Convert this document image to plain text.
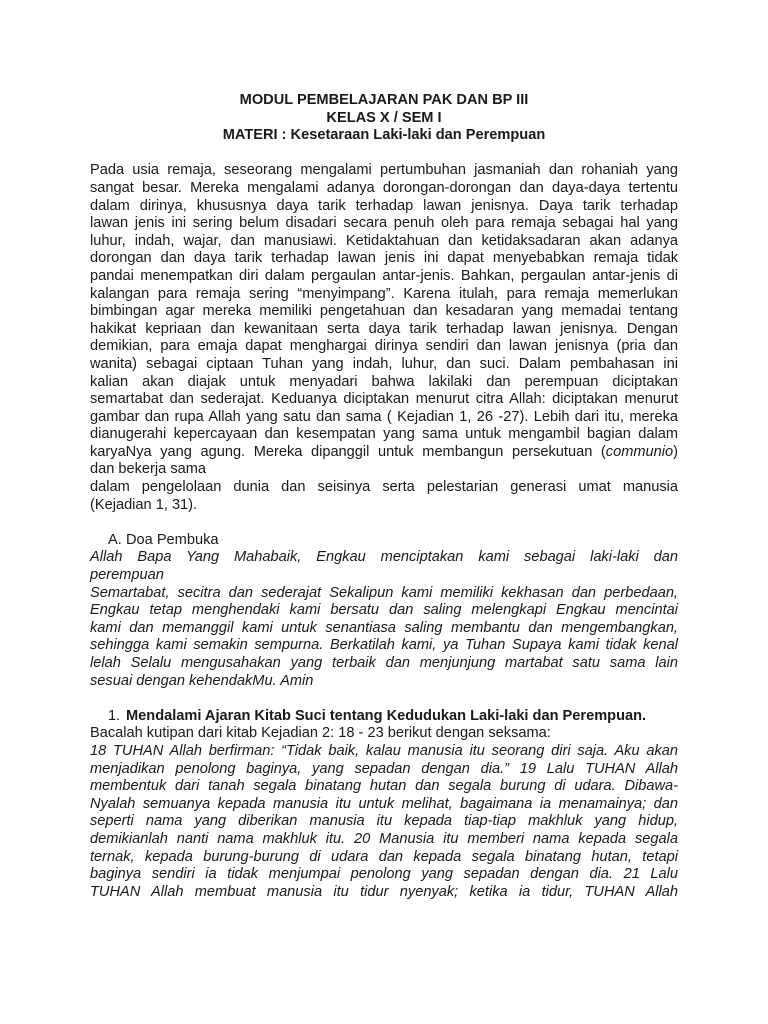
MODUL PEMBELAJARAN PAK DAN BP III
KELAS X / SEM I
MATERI : Kesetaraan Laki-laki dan Perempuan
Pada usia remaja, seseorang mengalami pertumbuhan jasmaniah dan rohaniah yang
sangat besar. Mereka mengalami adanya dorongan-dorongan dan daya-daya tertentu
dalam dirinya, khususnya daya tarik terhadap lawan jenisnya. Daya tarik terhadap
lawan jenis ini sering belum disadari secara penuh oleh para remaja sebagai hal yang
luhur, indah, wajar, dan manusiawi. Ketidaktahuan dan ketidaksadaran akan adanya
dorongan dan daya tarik terhadap lawan jenis ini dapat menyebabkan remaja tidak
pandai menempatkan diri dalam pergaulan antar-jenis. Bahkan, pergaulan antar-jenis di
kalangan para remaja sering “menyimpang”. Karena itulah, para remaja memerlukan
bimbingan agar mereka memiliki pengetahuan dan kesadaran yang memadai tentang
hakikat kepriaan dan kewanitaan serta daya tarik terhadap lawan jenisnya. Dengan
demikian, para emaja dapat menghargai dirinya sendiri dan lawan jenisnya (pria dan
wanita) sebagai ciptaan Tuhan yang indah, luhur, dan suci. Dalam pembahasan ini
kalian akan diajak untuk menyadari bahwa lakilaki dan perempuan diciptakan
semartabat dan sederajat. Keduanya diciptakan menurut citra Allah: diciptakan menurut
gambar dan rupa Allah yang satu dan sama ( Kejadian 1, 26 -27). Lebih dari itu, mereka
dianugerahi kepercayaan dan kesempatan yang sama untuk mengambil bagian dalam
karyaNya yang agung. Mereka dipanggil untuk membangun persekutuan (communio)
dan bekerja sama
dalam pengelolaan dunia dan seisinya serta pelestarian generasi umat manusia
(Kejadian 1, 31).
A. Doa Pembuka
Allah Bapa Yang Mahabaik, Engkau menciptakan kami sebagai laki-laki dan
perempuan
Semartabat, secitra dan sederajat Sekalipun kami memiliki kekhasan dan perbedaan,
Engkau tetap menghendaki kami bersatu dan saling melengkapi Engkau mencintai
kami dan memanggil kami untuk senantiasa saling membantu dan mengembangkan,
sehingga kami semakin sempurna. Berkatilah kami, ya Tuhan Supaya kami tidak kenal
lelah Selalu mengusahakan yang terbaik dan menjunjung martabat satu sama lain
sesuai dengan kehendakMu. Amin
1. Mendalami Ajaran Kitab Suci tentang Kedudukan Laki-laki dan Perempuan.
Bacalah kutipan dari kitab Kejadian 2: 18 - 23 berikut dengan seksama:
18 TUHAN Allah berfirman: “Tidak baik, kalau manusia itu seorang diri saja. Aku akan
menjadikan penolong baginya, yang sepadan dengan dia.” 19 Lalu TUHAN Allah
membentuk dari tanah segala binatang hutan dan segala burung di udara. Dibawa-
Nyalah semuanya kepada manusia itu untuk melihat, bagaimana ia menamainya; dan
seperti nama yang diberikan manusia itu kepada tiap-tiap makhluk yang hidup,
demikianlah nanti nama makhluk itu. 20 Manusia itu memberi nama kepada segala
ternak, kepada burung-burung di udara dan kepada segala binatang hutan, tetapi
baginya sendiri ia tidak menjumpai penolong yang sepadan dengan dia. 21 Lalu
TUHAN Allah membuat manusia itu tidur nyenyak; ketika ia tidur, TUHAN Allah
